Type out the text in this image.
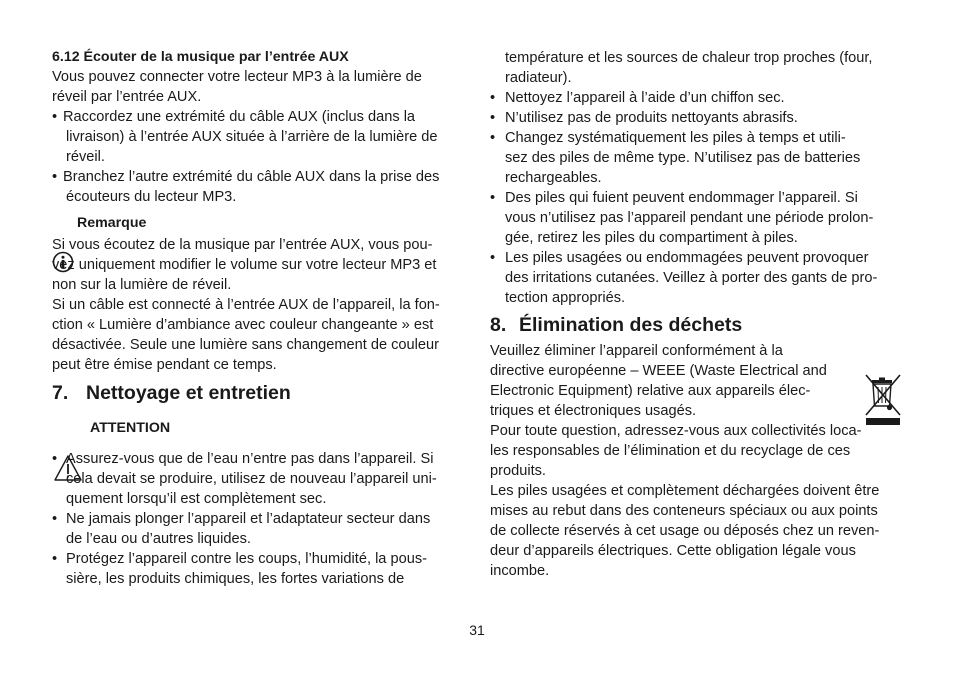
6.12 Écouter de la musique par l’entrée AUX
Vous pouvez connecter votre lecteur MP3 à la lumière de
réveil par l’entrée AUX.
• Raccordez une extrémité du câble AUX (inclus dans la
livraison) à l’entrée AUX située à l’arrière de la lumière de
réveil.
• Branchez l’autre extrémité du câble AUX dans la prise des
écouteurs du lecteur MP3.

Remarque
Si vous écoutez de la musique par l’entrée AUX, vous pou-
vez uniquement modifier le volume sur votre lecteur MP3 et
non sur la lumière de réveil.
Si un câble est connecté à l’entrée AUX de l’appareil, la fon-
ction « Lumière d’ambiance avec couleur changeante » est
désactivée. Seule une lumière sans changement de couleur
peut être émise pendant ce temps.
7. Nettoyage et entretien

ATTENTION
• Assurez-vous que de l’eau n’entre pas dans l’appareil. Si
cela devait se produire, utilisez de nouveau l’appareil uni-
quement lorsqu’il est complètement sec.
• Ne jamais plonger l’appareil et l’adaptateur secteur dans
de l’eau ou d’autres liquides.
• Protégez l’appareil contre les coups, l’humidité, la pous-
sière, les produits chimiques, les fortes variations de
température et les sources de chaleur trop proches (four,
radiateur).
• Nettoyez l’appareil à l’aide d’un chiffon sec.
• N’utilisez pas de produits nettoyants abrasifs.
• Changez systématiquement les piles à temps et utili-
sez des piles de même type. N’utilisez pas de batteries
rechargeables.
• Des piles qui fuient peuvent endommager l’appareil. Si
vous n’utilisez pas l’appareil pendant une période prolon-
gée, retirez les piles du compartiment à piles.
• Les piles usagées ou endommagées peuvent provoquer
des irritations cutanées. Veillez à porter des gants de pro-
tection appropriés.
8. Élimination des déchets

Veuillez éliminer l’appareil conformément à la
directive européenne – WEEE (Waste Electrical and
Electronic Equipment) relative aux appareils élec-
triques et électroniques usagés.
Pour toute question, adressez-vous aux collectivités loca-
les responsables de l’élimination et du recyclage de ces
produits.
Les piles usagées et complètement déchargées doivent être
mises au rebut dans des conteneurs spéciaux ou aux points
de collecte réservés à cet usage ou déposés chez un reven-
deur d’appareils électriques. Cette obligation légale vous
incombe.
31
